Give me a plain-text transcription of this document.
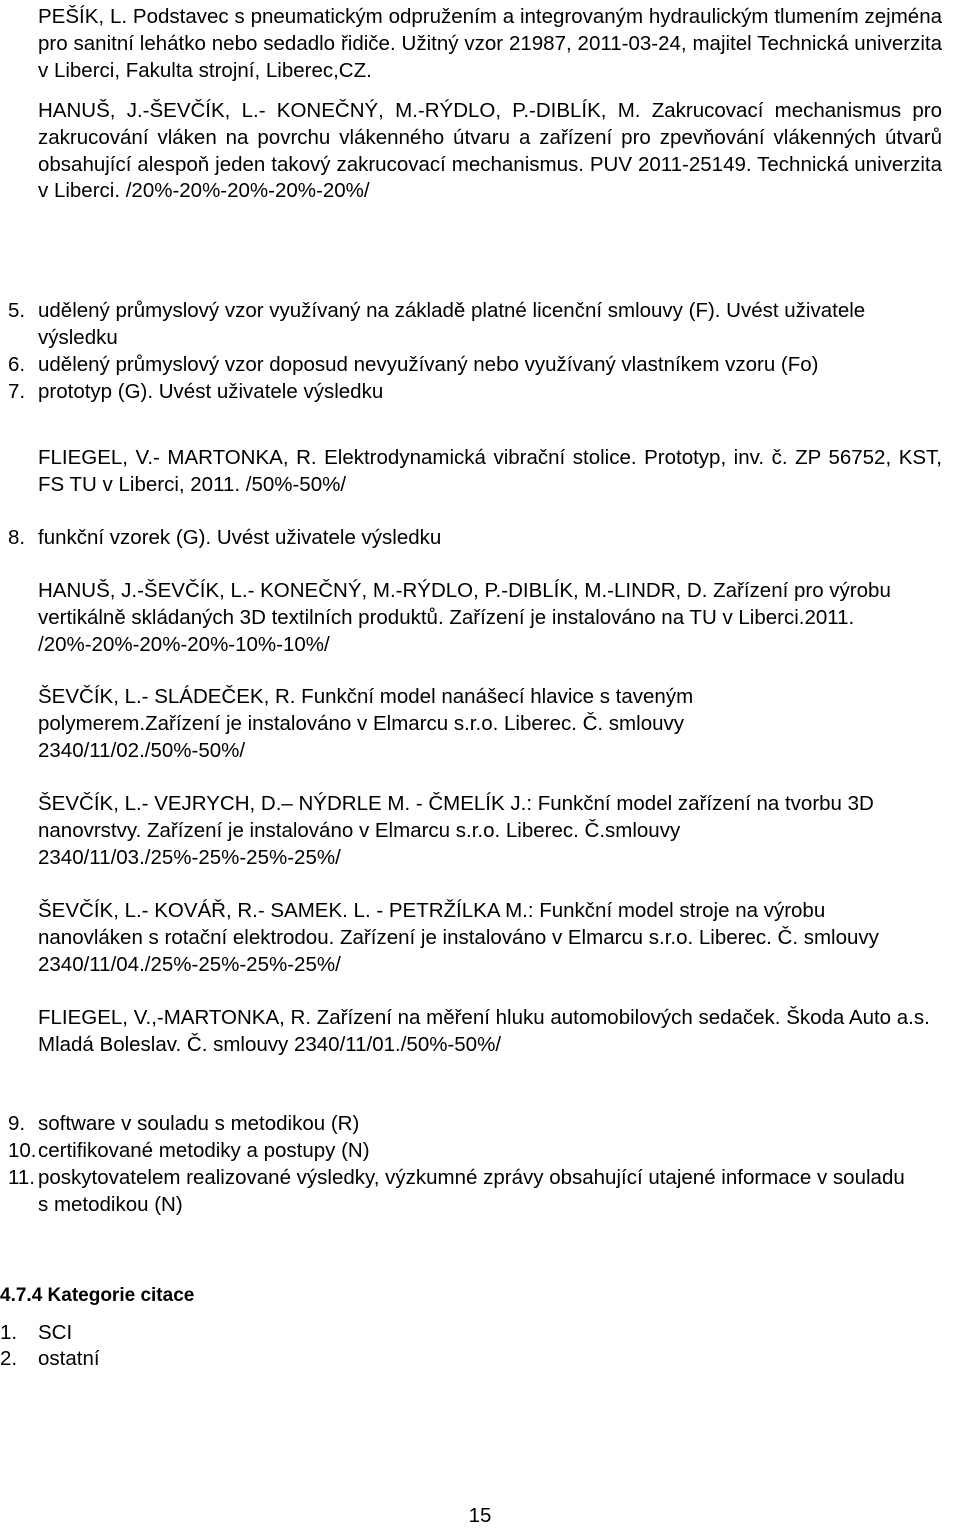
PEŠÍK, L. Podstavec s pneumatickým odpružením a integrovaným hydraulickým tlumením zejména pro sanitní lehátko nebo sedadlo řidiče. Užitný vzor 21987, 2011-03-24, majitel Technická univerzita v Liberci, Fakulta strojní, Liberec,CZ.

HANUŠ, J.-ŠEVČÍK, L.- KONEČNÝ, M.-RÝDLO, P.-DIBLÍK, M. Zakrucovací mechanismus pro zakrucování vláken na povrchu vlákenného útvaru a zařízení pro zpevňování vlákenných útvarů obsahující alespoň jeden takový zakrucovací mechanismus. PUV 2011-25149. Technická univerzita v Liberci. /20%-20%-20%-20%-20%/

5. udělený průmyslový vzor využívaný na základě platné licenční smlouvy (F). Uvést uživatele výsledku
6. udělený průmyslový vzor doposud nevyužívaný nebo využívaný vlastníkem vzoru (Fo)
7. prototyp (G). Uvést uživatele výsledku

FLIEGEL, V.- MARTONKA, R. Elektrodynamická vibrační stolice. Prototyp, inv. č. ZP 56752, KST, FS TU v Liberci, 2011. /50%-50%/

8. funkční vzorek (G). Uvést uživatele výsledku

HANUŠ, J.-ŠEVČÍK, L.- KONEČNÝ, M.-RÝDLO, P.-DIBLÍK, M.-LINDR, D. Zařízení pro výrobu vertikálně skládaných 3D textilních produktů. Zařízení je instalováno na TU v Liberci.2011. /20%-20%-20%-20%-10%-10%/

ŠEVČÍK, L.- SLÁDEČEK, R. Funkční model nanášecí hlavice s taveným polymerem.Zařízení je instalováno v Elmarcu s.r.o. Liberec. Č. smlouvy 2340/11/02./50%-50%/

ŠEVČÍK, L.- VEJRYCH, D.– NÝDRLE M. - ČMELÍK J.: Funkční model zařízení na tvorbu 3D nanovrstvy. Zařízení je instalováno v Elmarcu s.r.o. Liberec. Č.smlouvy 2340/11/03./25%-25%-25%-25%/

ŠEVČÍK, L.- KOVÁŘ, R.- SAMEK. L. - PETRŽÍLKA M.: Funkční model stroje na výrobu nanovláken s rotační elektrodou. Zařízení je instalováno v Elmarcu s.r.o. Liberec. Č. smlouvy 2340/11/04./25%-25%-25%-25%/

FLIEGEL, V.,-MARTONKA, R. Zařízení na měření hluku automobilových sedaček. Škoda Auto a.s. Mladá Boleslav. Č. smlouvy 2340/11/01./50%-50%/

9. software v souladu s metodikou (R)
10. certifikované metodiky a postupy (N)
11. poskytovatelem realizované výsledky, výzkumné zprávy obsahující utajené informace v souladu s metodikou (N)
4.7.4 Kategorie citace
1.	SCI
2.	ostatní
15
